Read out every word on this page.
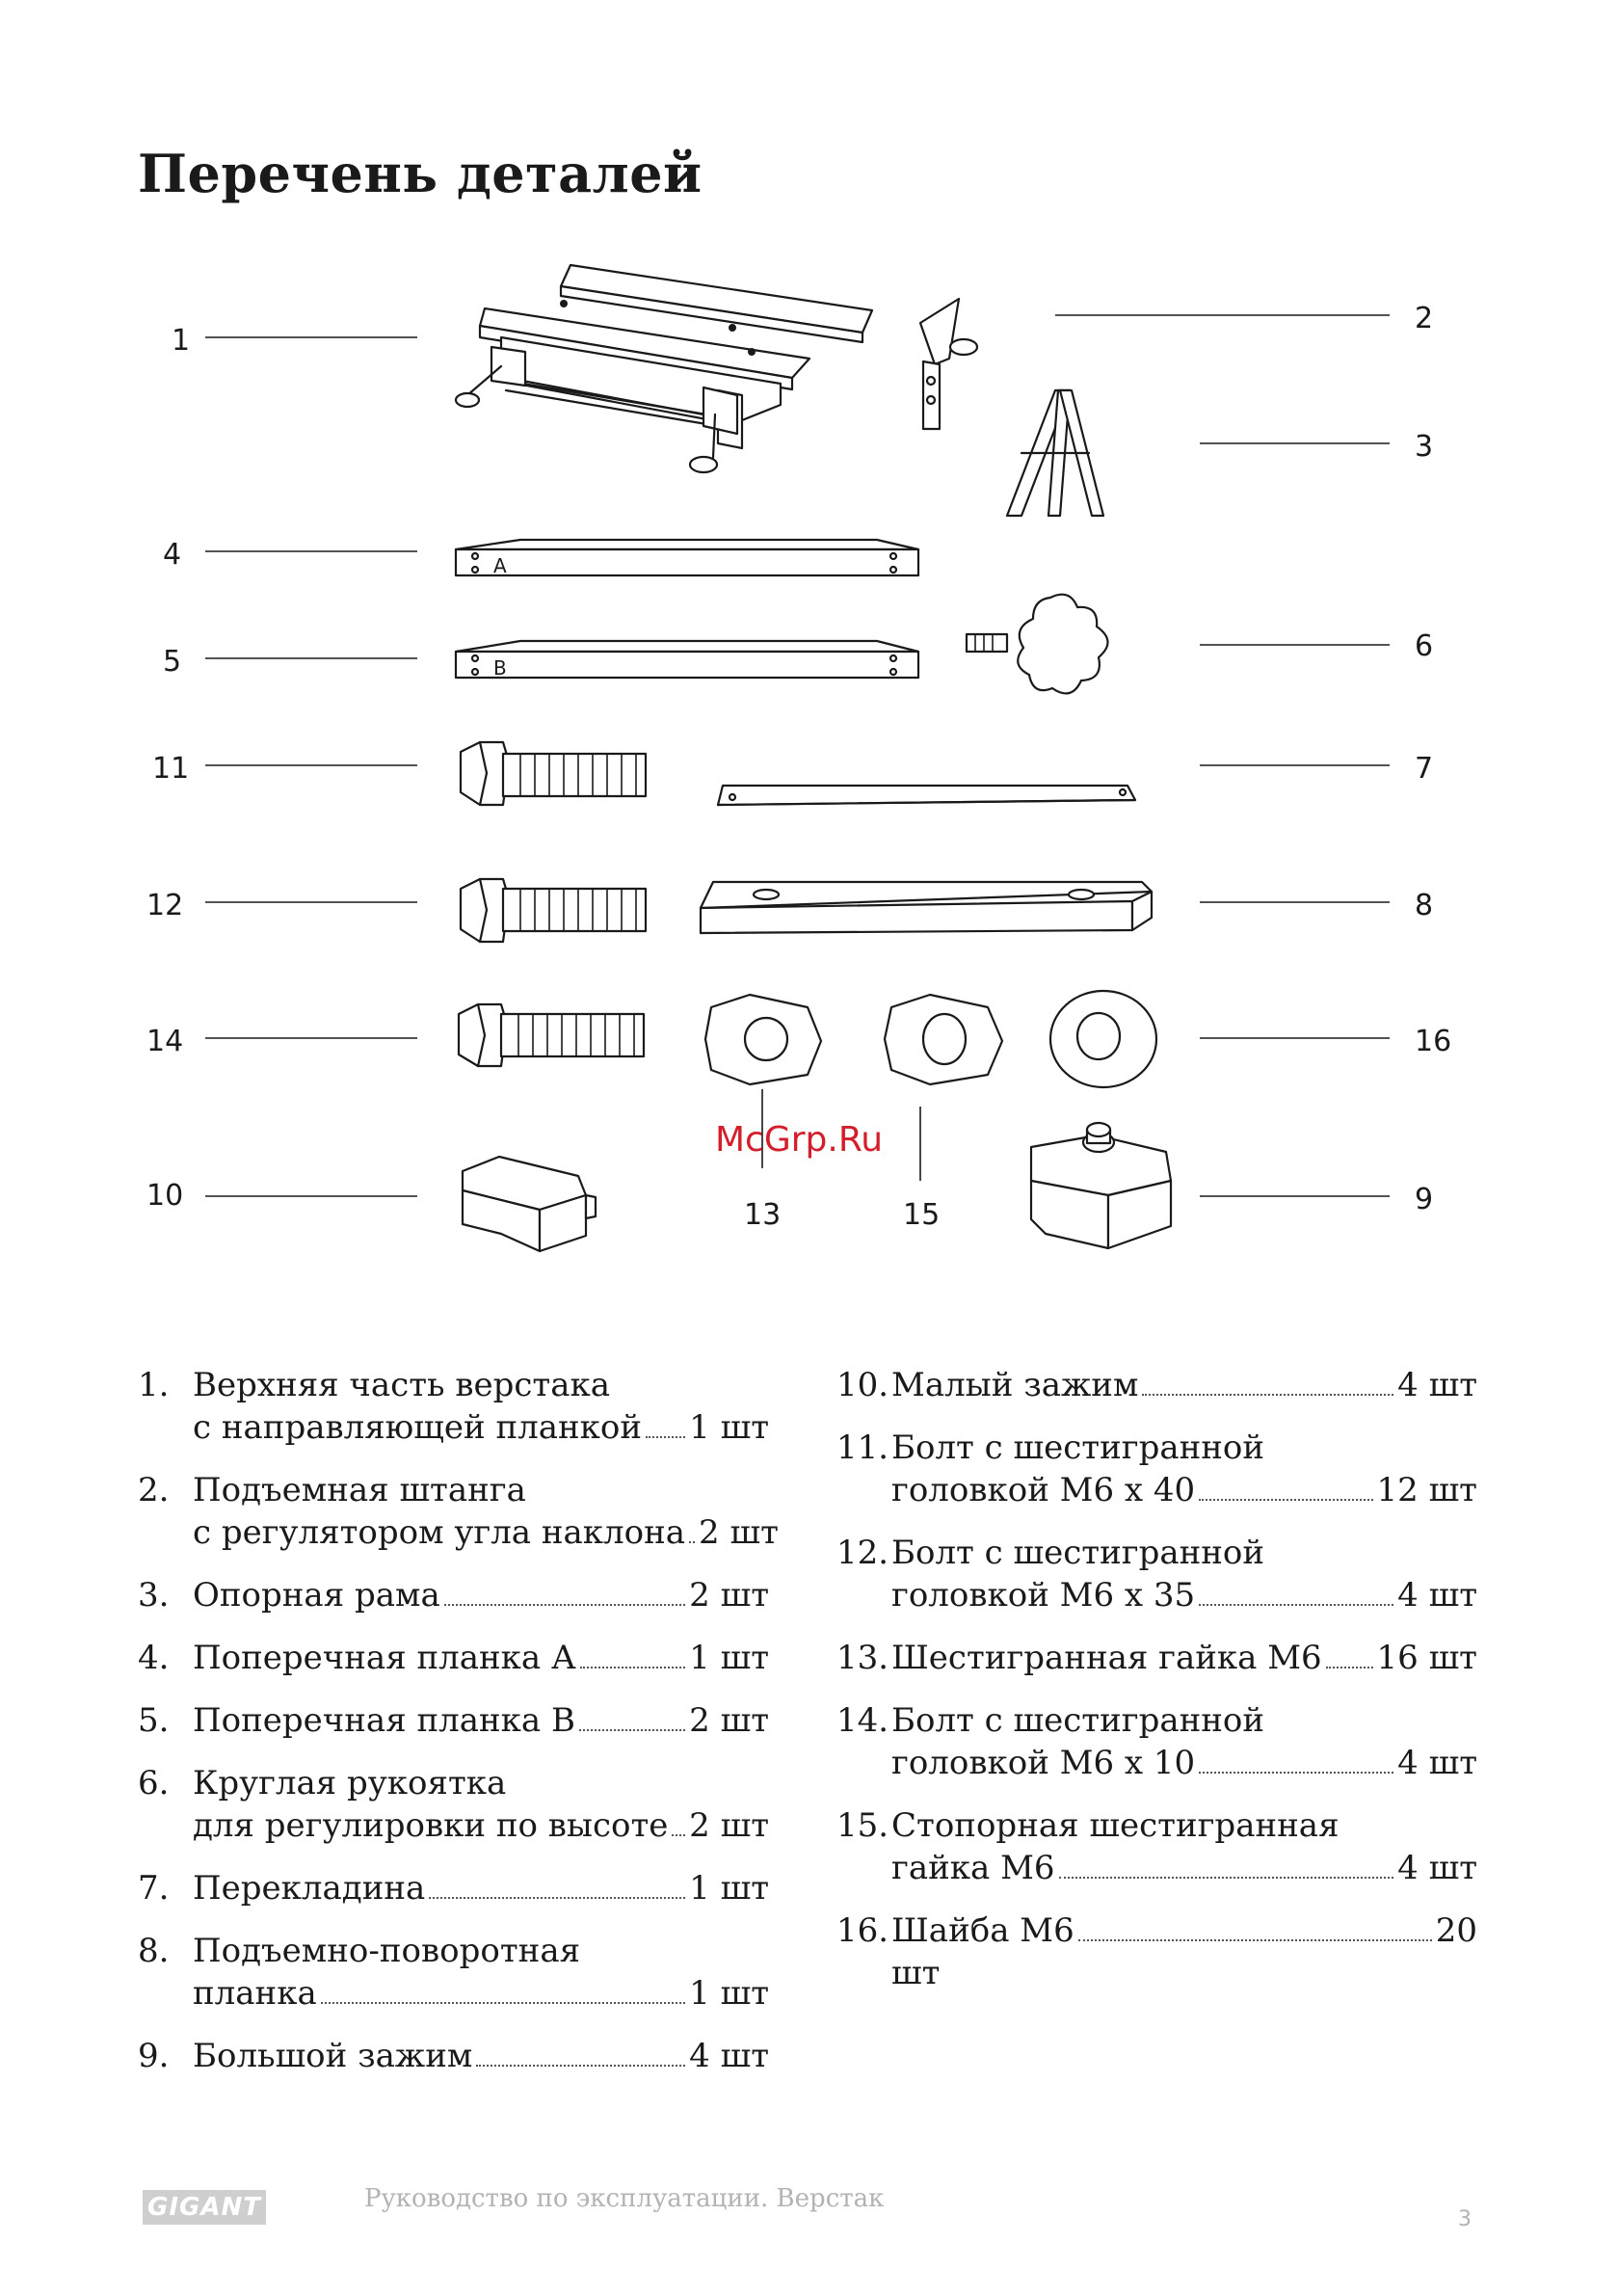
Перечень деталей
1
2
3
4
5	6
7
8
9
10
11
12
13
14
15
16
A
B
McGrp.Ru
1. Верхняя часть верстака
с направляющей планкой 1 шт
2. Подъемная штанга
с регулятором угла наклона 2 шт
3. Опорная рама	2 шт
4. Поперечная планка А	1 шт
5. Поперечная планка В	2 шт
6. Круглая рукоятка
для регулировки по высоте 2 шт
7. Перекладина	1 шт
8. Подъемно-поворотная
планка	1 шт
9. Большой зажим	4 шт
10. Малый зажим	4 шт
11. Болт с шестигранной
головкой М6 х 40	12 шт
12. Болт с шестигранной
головкой М6 х 35	4 шт
13. Шестигранная гайка М6 16 шт
14. Болт с шестигранной
головкой М6 х 10	4 шт
15. Стопорная шестигранная
гайка М6	4 шт
16. Шайба М6	20
шт
GIGANT	Руководство по эксплуатации. Верстак
3
